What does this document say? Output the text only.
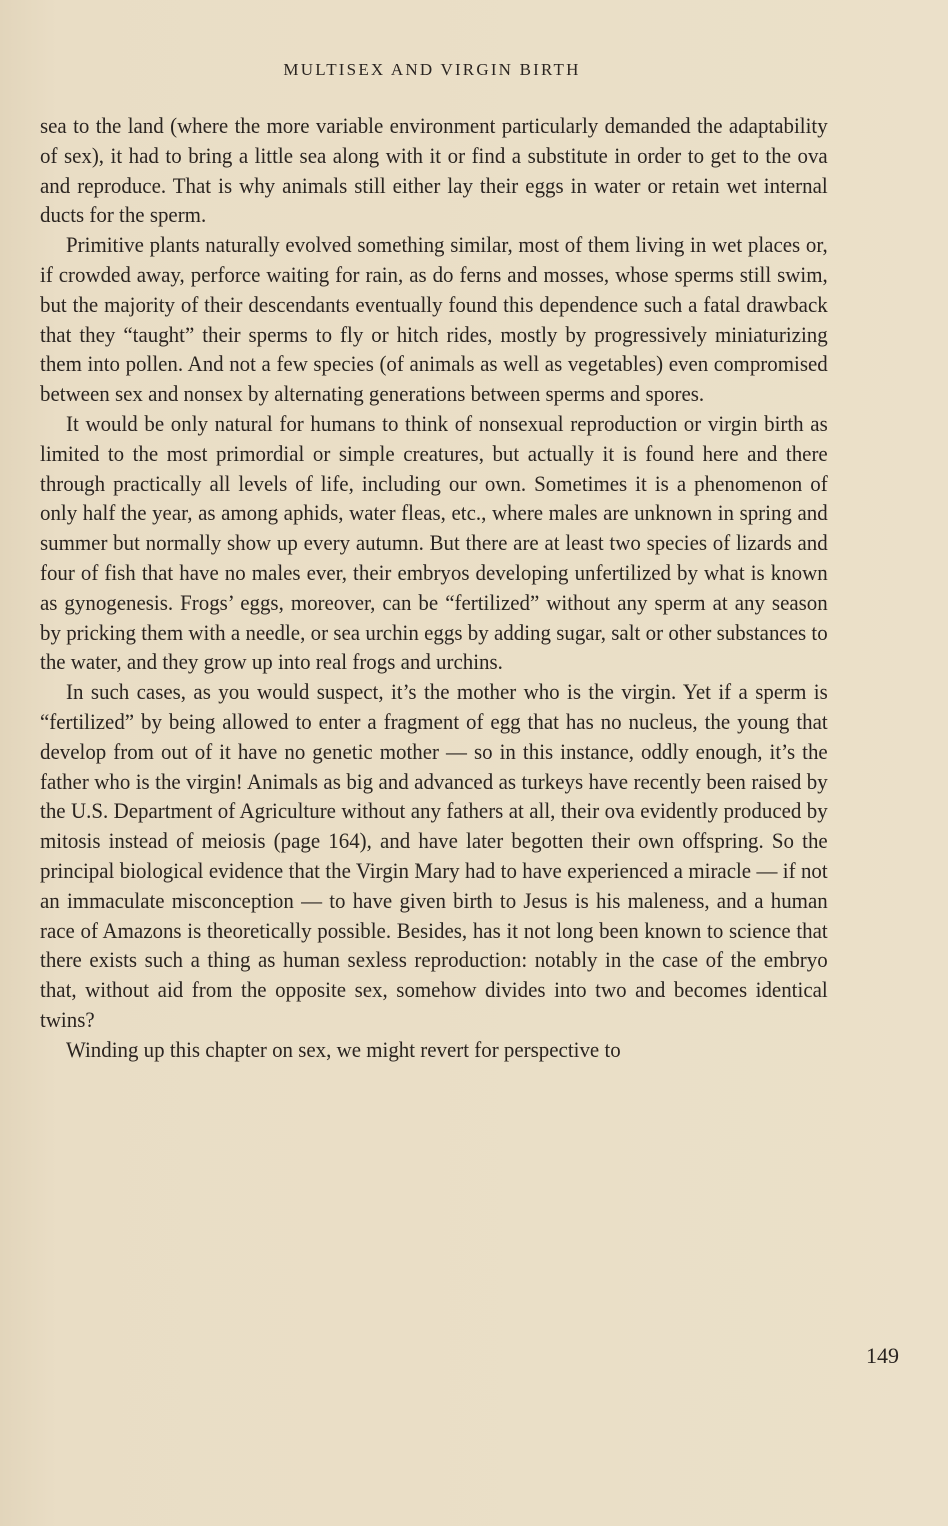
MULTISEX AND VIRGIN BIRTH

sea to the land (where the more variable environment particularly demanded the adaptability of sex), it had to bring a little sea along with it or find a substitute in order to get to the ova and reproduce. That is why animals still either lay their eggs in water or retain wet internal ducts for the sperm.

Primitive plants naturally evolved something similar, most of them living in wet places or, if crowded away, perforce waiting for rain, as do ferns and mosses, whose sperms still swim, but the majority of their descendants eventually found this dependence such a fatal drawback that they “taught” their sperms to fly or hitch rides, mostly by progressively miniaturizing them into pollen. And not a few species (of animals as well as vegetables) even compromised between sex and nonsex by alternating generations between sperms and spores.

It would be only natural for humans to think of nonsexual reproduction or virgin birth as limited to the most primordial or simple creatures, but actually it is found here and there through practically all levels of life, including our own. Sometimes it is a phenomenon of only half the year, as among aphids, water fleas, etc., where males are unknown in spring and summer but normally show up every autumn. But there are at least two species of lizards and four of fish that have no males ever, their embryos developing unfertilized by what is known as gynogenesis. Frogs’ eggs, moreover, can be “fertilized” without any sperm at any season by pricking them with a needle, or sea urchin eggs by adding sugar, salt or other substances to the water, and they grow up into real frogs and urchins.

In such cases, as you would suspect, it’s the mother who is the virgin. Yet if a sperm is “fertilized” by being allowed to enter a fragment of egg that has no nucleus, the young that develop from out of it have no genetic mother — so in this instance, oddly enough, it’s the father who is the virgin! Animals as big and advanced as turkeys have recently been raised by the U.S. Department of Agriculture without any fathers at all, their ova evidently produced by mitosis instead of meiosis (page 164), and have later begotten their own offspring. So the principal biological evidence that the Virgin Mary had to have experienced a miracle — if not an immaculate misconception — to have given birth to Jesus is his maleness, and a human race of Amazons is theoretically possible. Besides, has it not long been known to science that there exists such a thing as human sexless reproduction: notably in the case of the embryo that, without aid from the opposite sex, somehow divides into two and becomes identical twins?

Winding up this chapter on sex, we might revert for perspective to

149
